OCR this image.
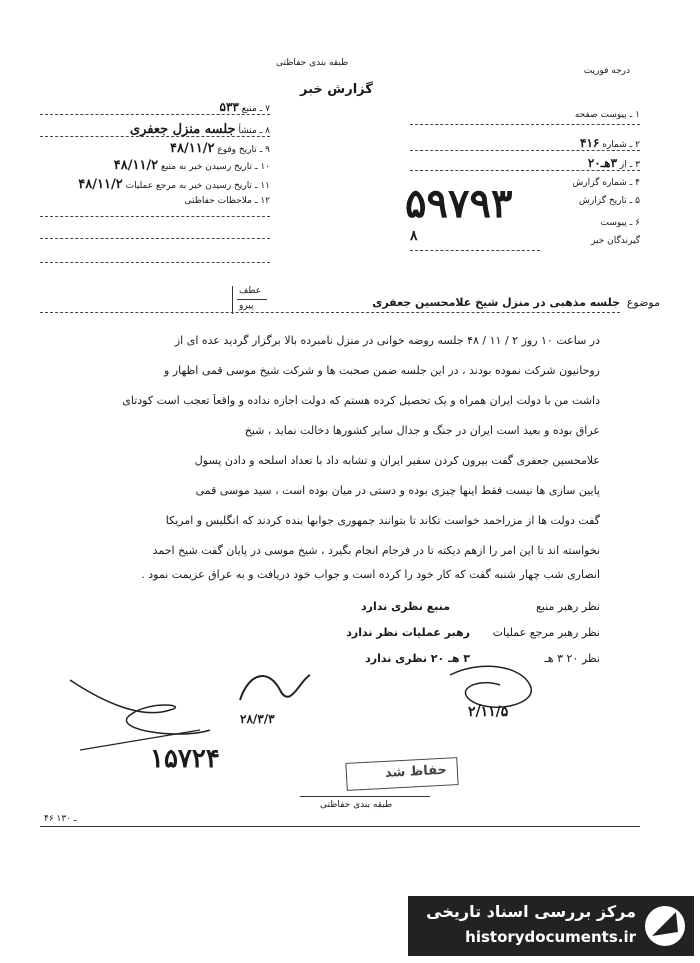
درجه فوریت
طبقه بندی حفاظتی
گزارش خبر
۱ ـ پیوست صفحه
۲ ـ شماره ۴۱۶
۳ ـ از ۳هـ۲۰
۴ ـ شماره گزارش
۵ ـ تاریخ گزارش
۶ ـ پیوست
گیرندگان خبر
۵۹۷۹۳
۸
۷ ـ منبع ۵۳۳
۸ ـ منشأ جلسه منزل جعفری
۹ ـ تاریخ وقوع ۴۸/۱۱/۲
۱۰ ـ تاریخ رسیدن خبر به منبع ۴۸/۱۱/۲
۱۱ ـ تاریخ رسیدن خبر به مرجع عملیات ۴۸/۱۱/۲
۱۲ ـ ملاحظات حفاظتی
عطف
پیرو	موضوع
جلسه مذهبی در منزل شیخ علامحسین جعفری
در ساعت ۱۰ روز ۲ / ۱۱ / ۴۸ جلسه روضه خوانی در منزل نامبرده بالا برگزار گردید عده ای از
روحانیون شرکت نموده بودند ، در این جلسه ضمن صحبت ها و شرکت شیخ موسی قمی اظهار و
داشت من با دولت ایران همراه و یک تحصیل کرده هستم که دولت اجازه نداده و واقعاً تعجب است کودتای
عراق بوده و بعید است ایران در جنگ و جدال سایر کشورها دخالت نماید ، شیخ
علامحسین جعفری گفت بیرون کردن سفیر ایران و تشابه داد با تعداد اسلحه و دادن پسول
پایین سازی ها نیست فقط اینها چیزی بوده و دستی در میان بوده است ، سید موسی قمی
گفت دولت ها از مزراحمد خواست تکاند تا بتوانند جمهوری جوابها بنده کردند که انگلیس و امریکا
نخواسته اند تا این امر را ازهم دیکته تا در فرجام انجام بگیرد ، شیخ موسی در پایان گفت شیخ احمد
انصاری شب چهار شنبه گفت که کار خود را کرده است و جواب خود دریافت و به عراق عزیمت نمود .
نظر رهبر منبع
منبع نظری ندارد
نظر رهبر مرجع عملیات
رهبر عملیات نظر ندارد
نظر ۲۰ ۳ هـ
۳ هـ ۲۰ نظری ندارد
۲۸/۳/۳	۲/۱۱/۵
۱۵۷۲۴	حفاظ شد
طبقه بندی حفاظتی
۴۶ ـ ۱۳۰
مرکز بررسی اسناد تاریخی
historydocuments.ir
